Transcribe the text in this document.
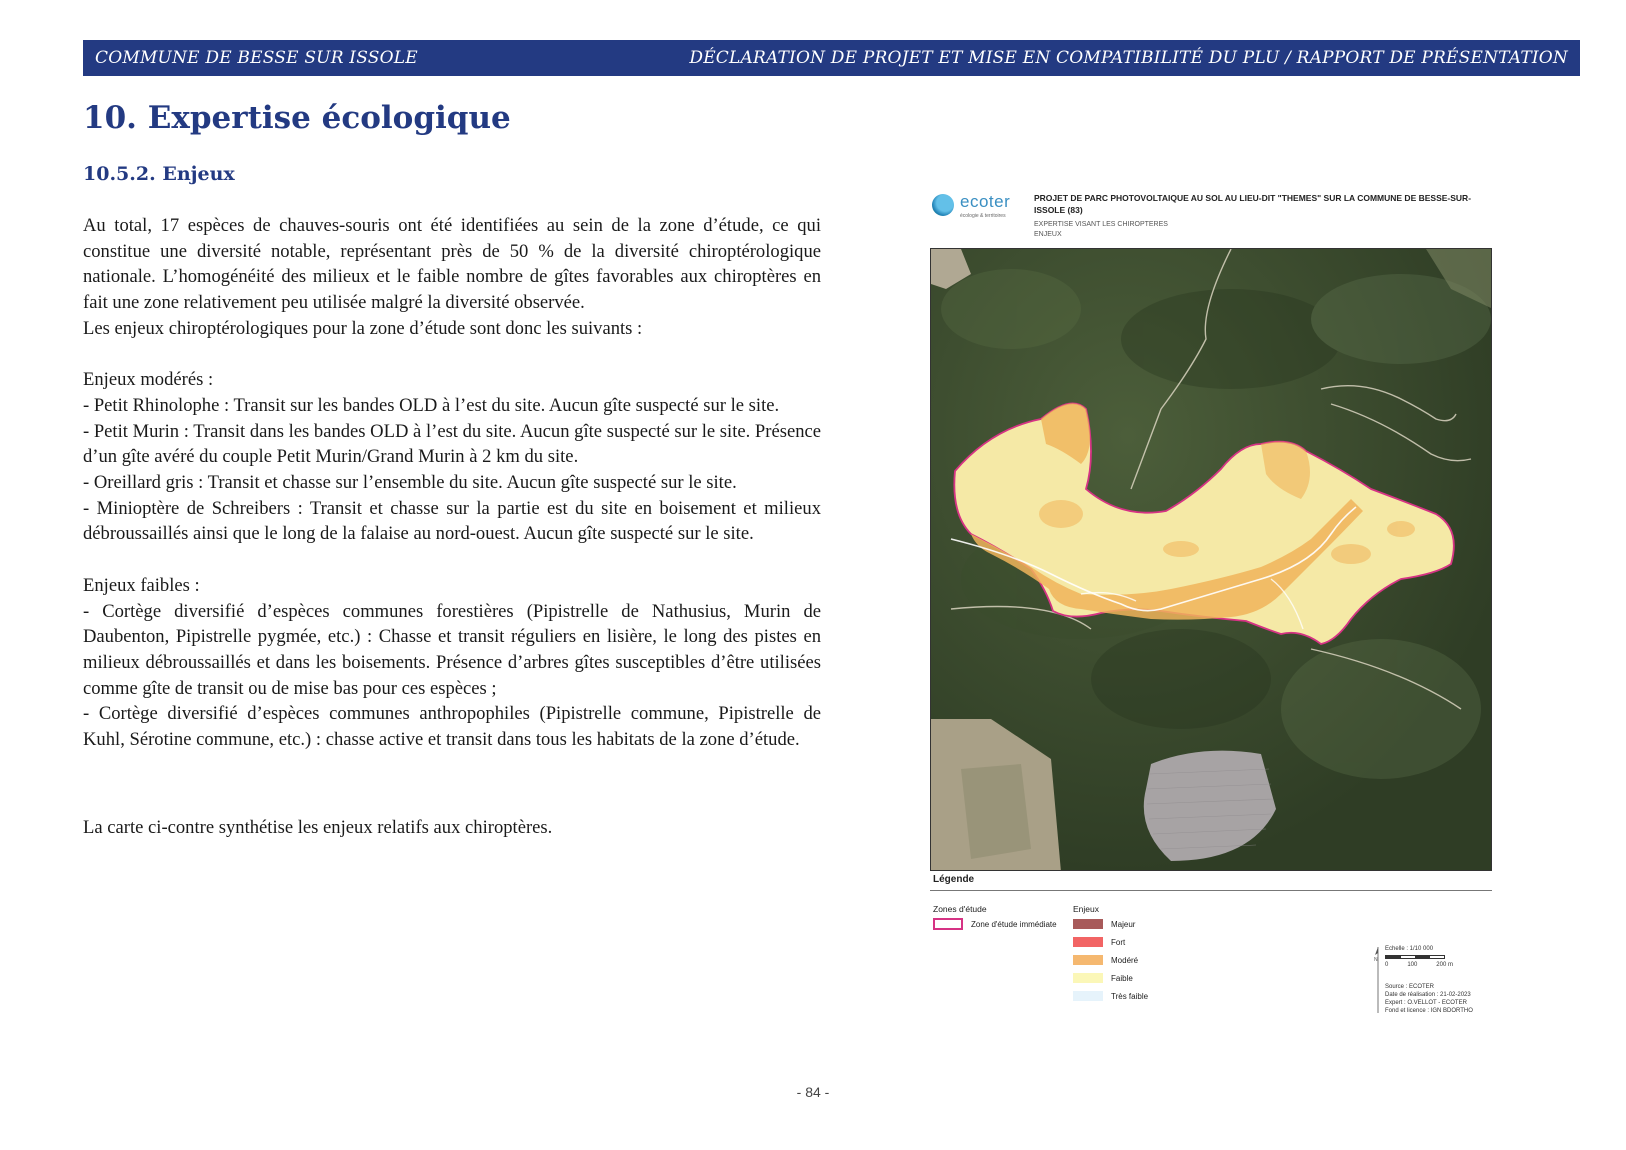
COMMUNE DE BESSE SUR ISSOLE	DÉCLARATION DE PROJET ET MISE EN COMPATIBILITÉ DU PLU / RAPPORT DE PRÉSENTATION
10. Expertise écologique
10.5.2. Enjeux

Au total, 17 espèces de chauves-souris ont été identifiées au sein de la zone d’étude, ce qui constitue une diversité notable, représentant près de 50 % de la diversité chiroptérologique nationale. L’homogénéité des milieux et le faible nombre de gîtes favorables aux chiroptères en fait une zone relativement peu utilisée malgré la diversité observée.

Les enjeux chiroptérologiques pour la zone d’étude sont donc les suivants :

Enjeux modérés :

- Petit Rhinolophe : Transit sur les bandes OLD à l’est du site. Aucun gîte suspecté sur le site.

- Petit Murin : Transit dans les bandes OLD à l’est du site. Aucun gîte suspecté sur le site. Présence d’un gîte avéré du couple Petit Murin/Grand Murin à 2 km du site.

- Oreillard gris : Transit et chasse sur l’ensemble du site. Aucun gîte suspecté sur le site.

- Minioptère de Schreibers : Transit et chasse sur la partie est du site en boisement et milieux débroussaillés ainsi que le long de la falaise au nord-ouest. Aucun gîte suspecté sur le site.

Enjeux faibles :

- Cortège diversifié d’espèces communes forestières (Pipistrelle de Nathusius, Murin de Daubenton, Pipistrelle pygmée, etc.) : Chasse et transit réguliers en lisière, le long des pistes en milieux débroussaillés et dans les boisements. Présence d’arbres gîtes susceptibles d’être utilisées comme gîte de transit ou de mise bas pour ces espèces ;

- Cortège diversifié d’espèces communes anthropophiles (Pipistrelle commune, Pipistrelle de Kuhl, Sérotine commune, etc.) : chasse active et transit dans tous les habitats de la zone d’étude.

La carte ci-contre synthétise les enjeux relatifs aux chiroptères.

ecoter
écologie & territoires
PROJET DE PARC PHOTOVOLTAIQUE AU SOL AU LIEU-DIT "THEMES" SUR LA COMMUNE DE BESSE-SUR-ISSOLE (83)
EXPERTISE VISANT LES CHIROPTERES
ENJEUX
Légende
Zones d'étude
Zone d'étude immédiate
Enjeux
Majeur
Fort
Modéré
Faible
Très faible
N
Echelle : 1/10 000
0	100	200 m
Source : ECOTER
Date de réalisation : 21-02-2023
Expert : O.VELLOT - ECOTER
Fond et licence : IGN BDORTHO
- 84 -
